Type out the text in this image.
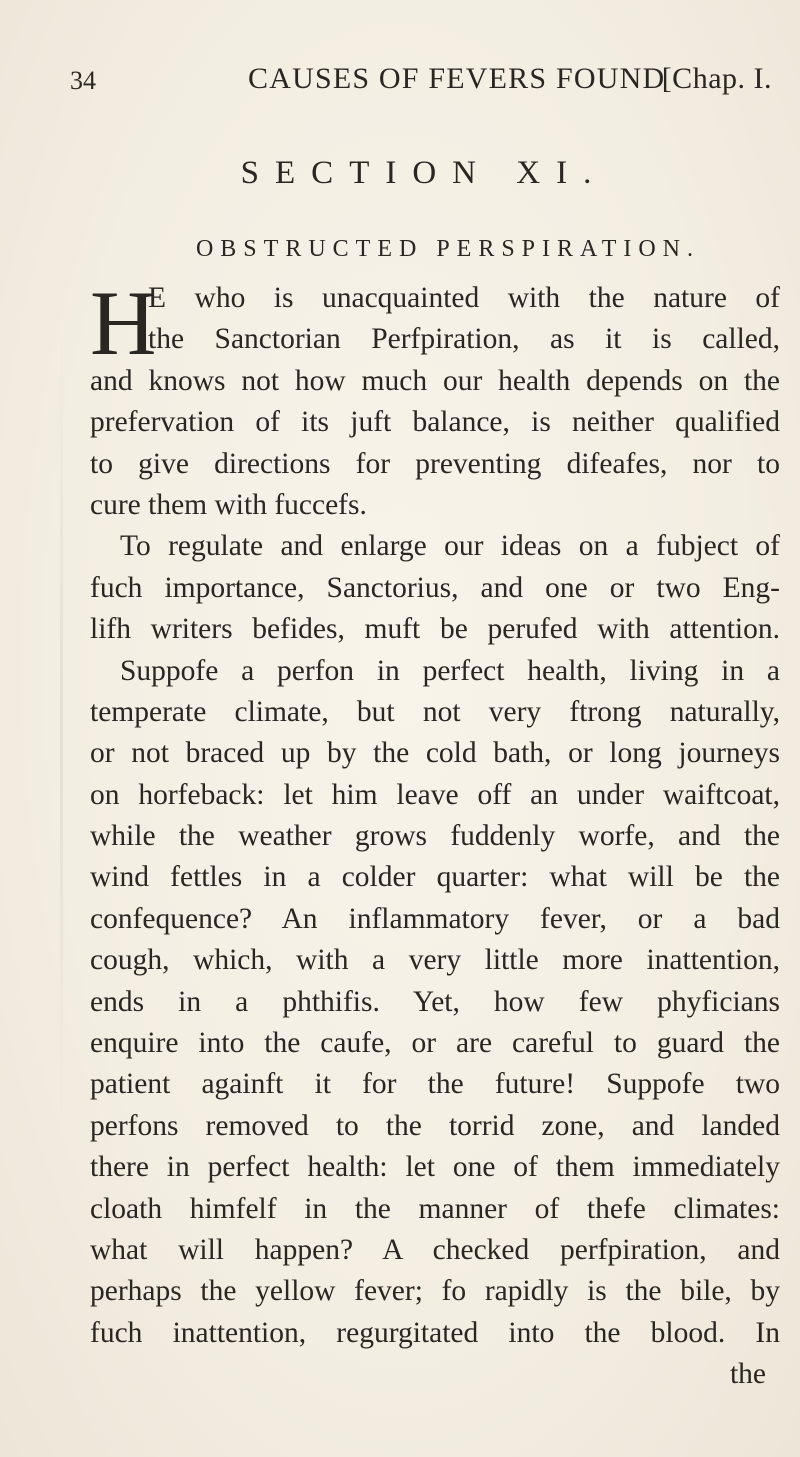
34	CAUSES OF FEVERS FOUND
[Chap. I.
SECTION XI.
OBSTRUCTED PERSPIRATION.
H
E who is unacquainted with the nature of
the Sanctorian Perfpiration, as it is called,
and knows not how much our health depends on the
prefervation of its juft balance, is neither qualified
to give directions for preventing difeafes, nor to
cure them with fuccefs.
To regulate and enlarge our ideas on a fubject of
fuch importance, Sanctorius, and one or two Eng-
lifh writers befides, muft be perufed with attention.
Suppofe a perfon in perfect health, living in a
temperate climate, but not very ftrong naturally,
or not braced up by the cold bath, or long journeys
on horfeback: let him leave off an under waiftcoat,
while the weather grows fuddenly worfe, and the
wind fettles in a colder quarter: what will be the
confequence? An inflammatory fever, or a bad
cough, which, with a very little more inattention,
ends in a phthifis. Yet, how few phyficians
enquire into the caufe, or are careful to guard the
patient againft it for the future! Suppofe two
perfons removed to the torrid zone, and landed
there in perfect health: let one of them immediately
cloath himfelf in the manner of thefe climates:
what will happen? A checked perfpiration, and
perhaps the yellow fever; fo rapidly is the bile, by
fuch inattention, regurgitated into the blood. In
the
